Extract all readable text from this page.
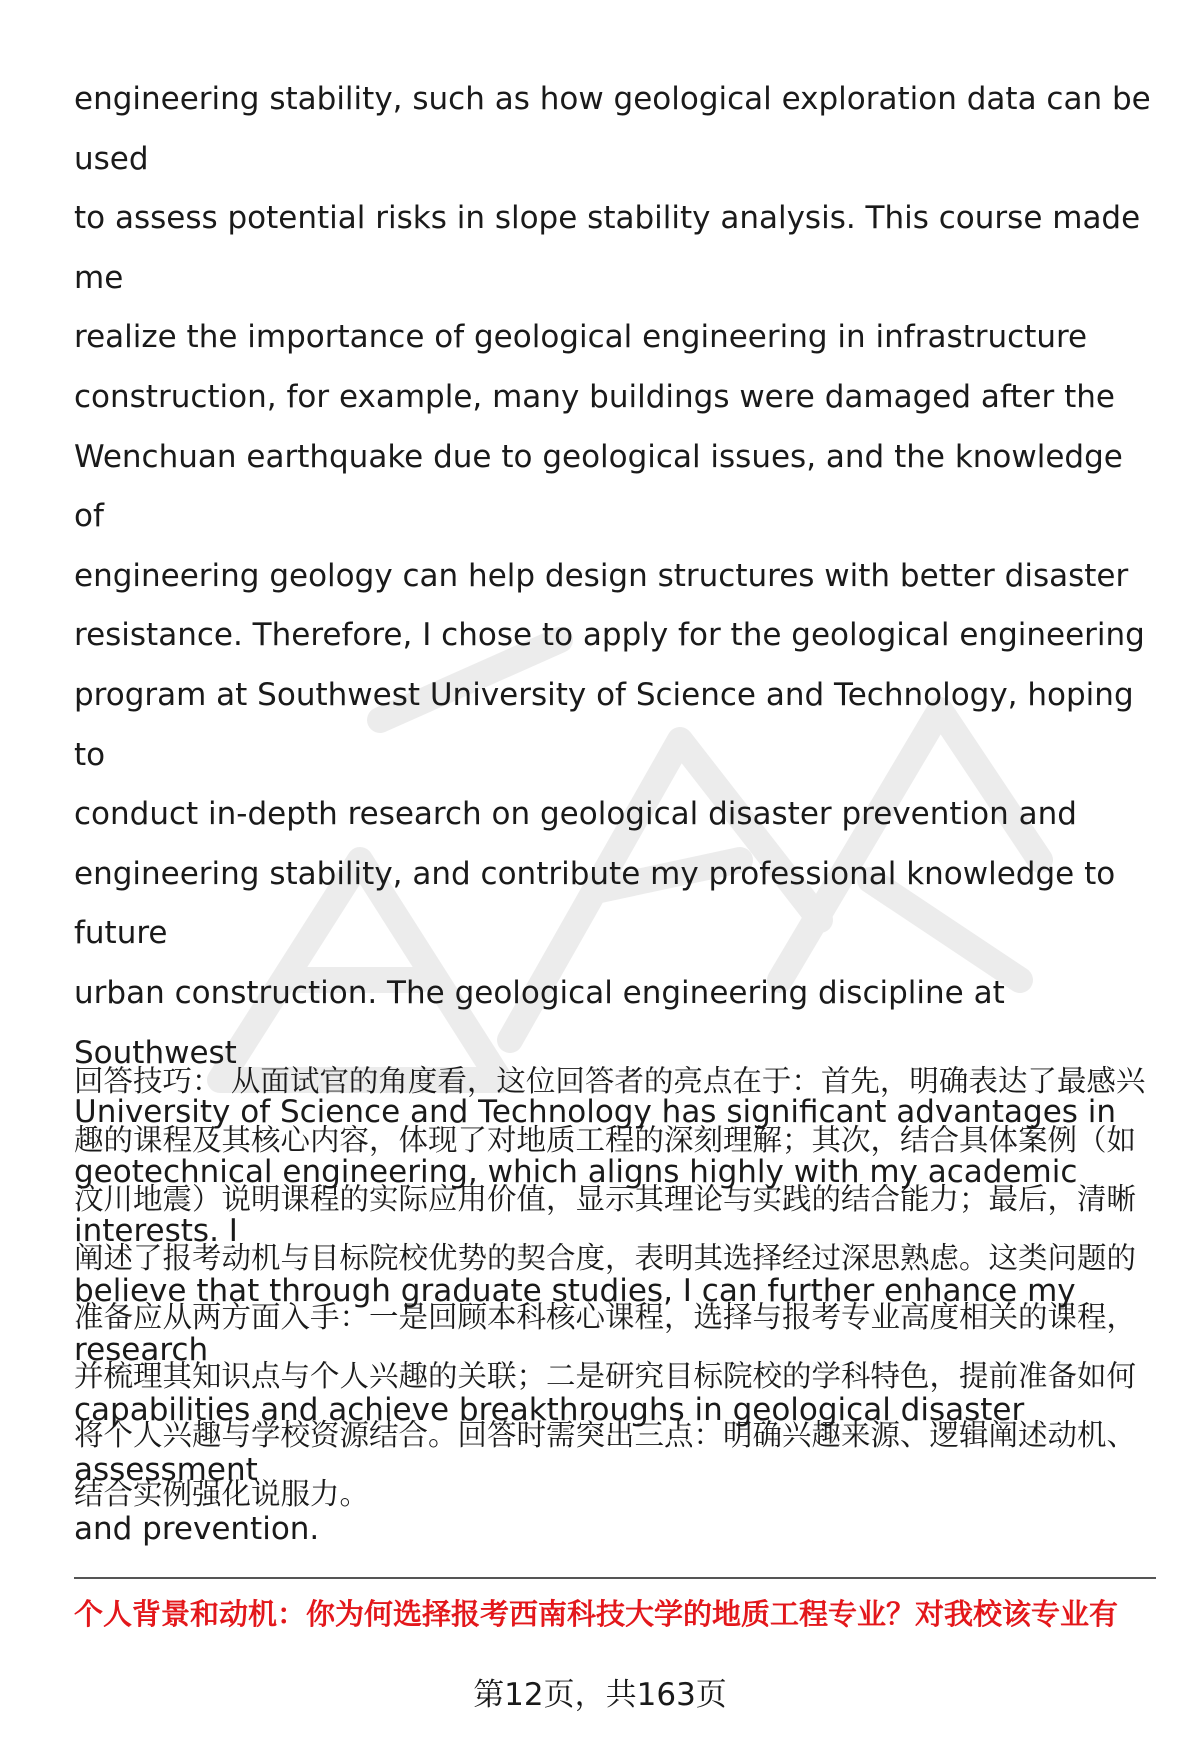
engineering stability, such as how geological exploration data can be used
to assess potential risks in slope stability analysis. This course made me
realize the importance of geological engineering in infrastructure
construction, for example, many buildings were damaged after the
Wenchuan earthquake due to geological issues, and the knowledge of
engineering geology can help design structures with better disaster
resistance. Therefore, I chose to apply for the geological engineering
program at Southwest University of Science and Technology, hoping to
conduct in-depth research on geological disaster prevention and
engineering stability, and contribute my professional knowledge to future
urban construction. The geological engineering discipline at Southwest
University of Science and Technology has significant advantages in
geotechnical engineering, which aligns highly with my academic interests. I
believe that through graduate studies, I can further enhance my research
capabilities and achieve breakthroughs in geological disaster assessment
and prevention.

回答技巧： 从面试官的角度看，这位回答者的亮点在于：首先，明确表达了最感兴趣的课程及其核心内容，体现了对地质工程的深刻理解；其次，结合具体案例（如汶川地震）说明课程的实际应用价值，显示其理论与实践的结合能力；最后，清晰阐述了报考动机与目标院校优势的契合度，表明其选择经过深思熟虑。这类问题的准备应从两方面入手：一是回顾本科核心课程，选择与报考专业高度相关的课程，并梳理其知识点与个人兴趣的关联；二是研究目标院校的学科特色，提前准备如何将个人兴趣与学校资源结合。回答时需突出三点：明确兴趣来源、逻辑阐述动机、结合实例强化说服力。

个人背景和动机：你为何选择报考西南科技大学的地质工程专业？对我校该专业有

第12页，共163页
